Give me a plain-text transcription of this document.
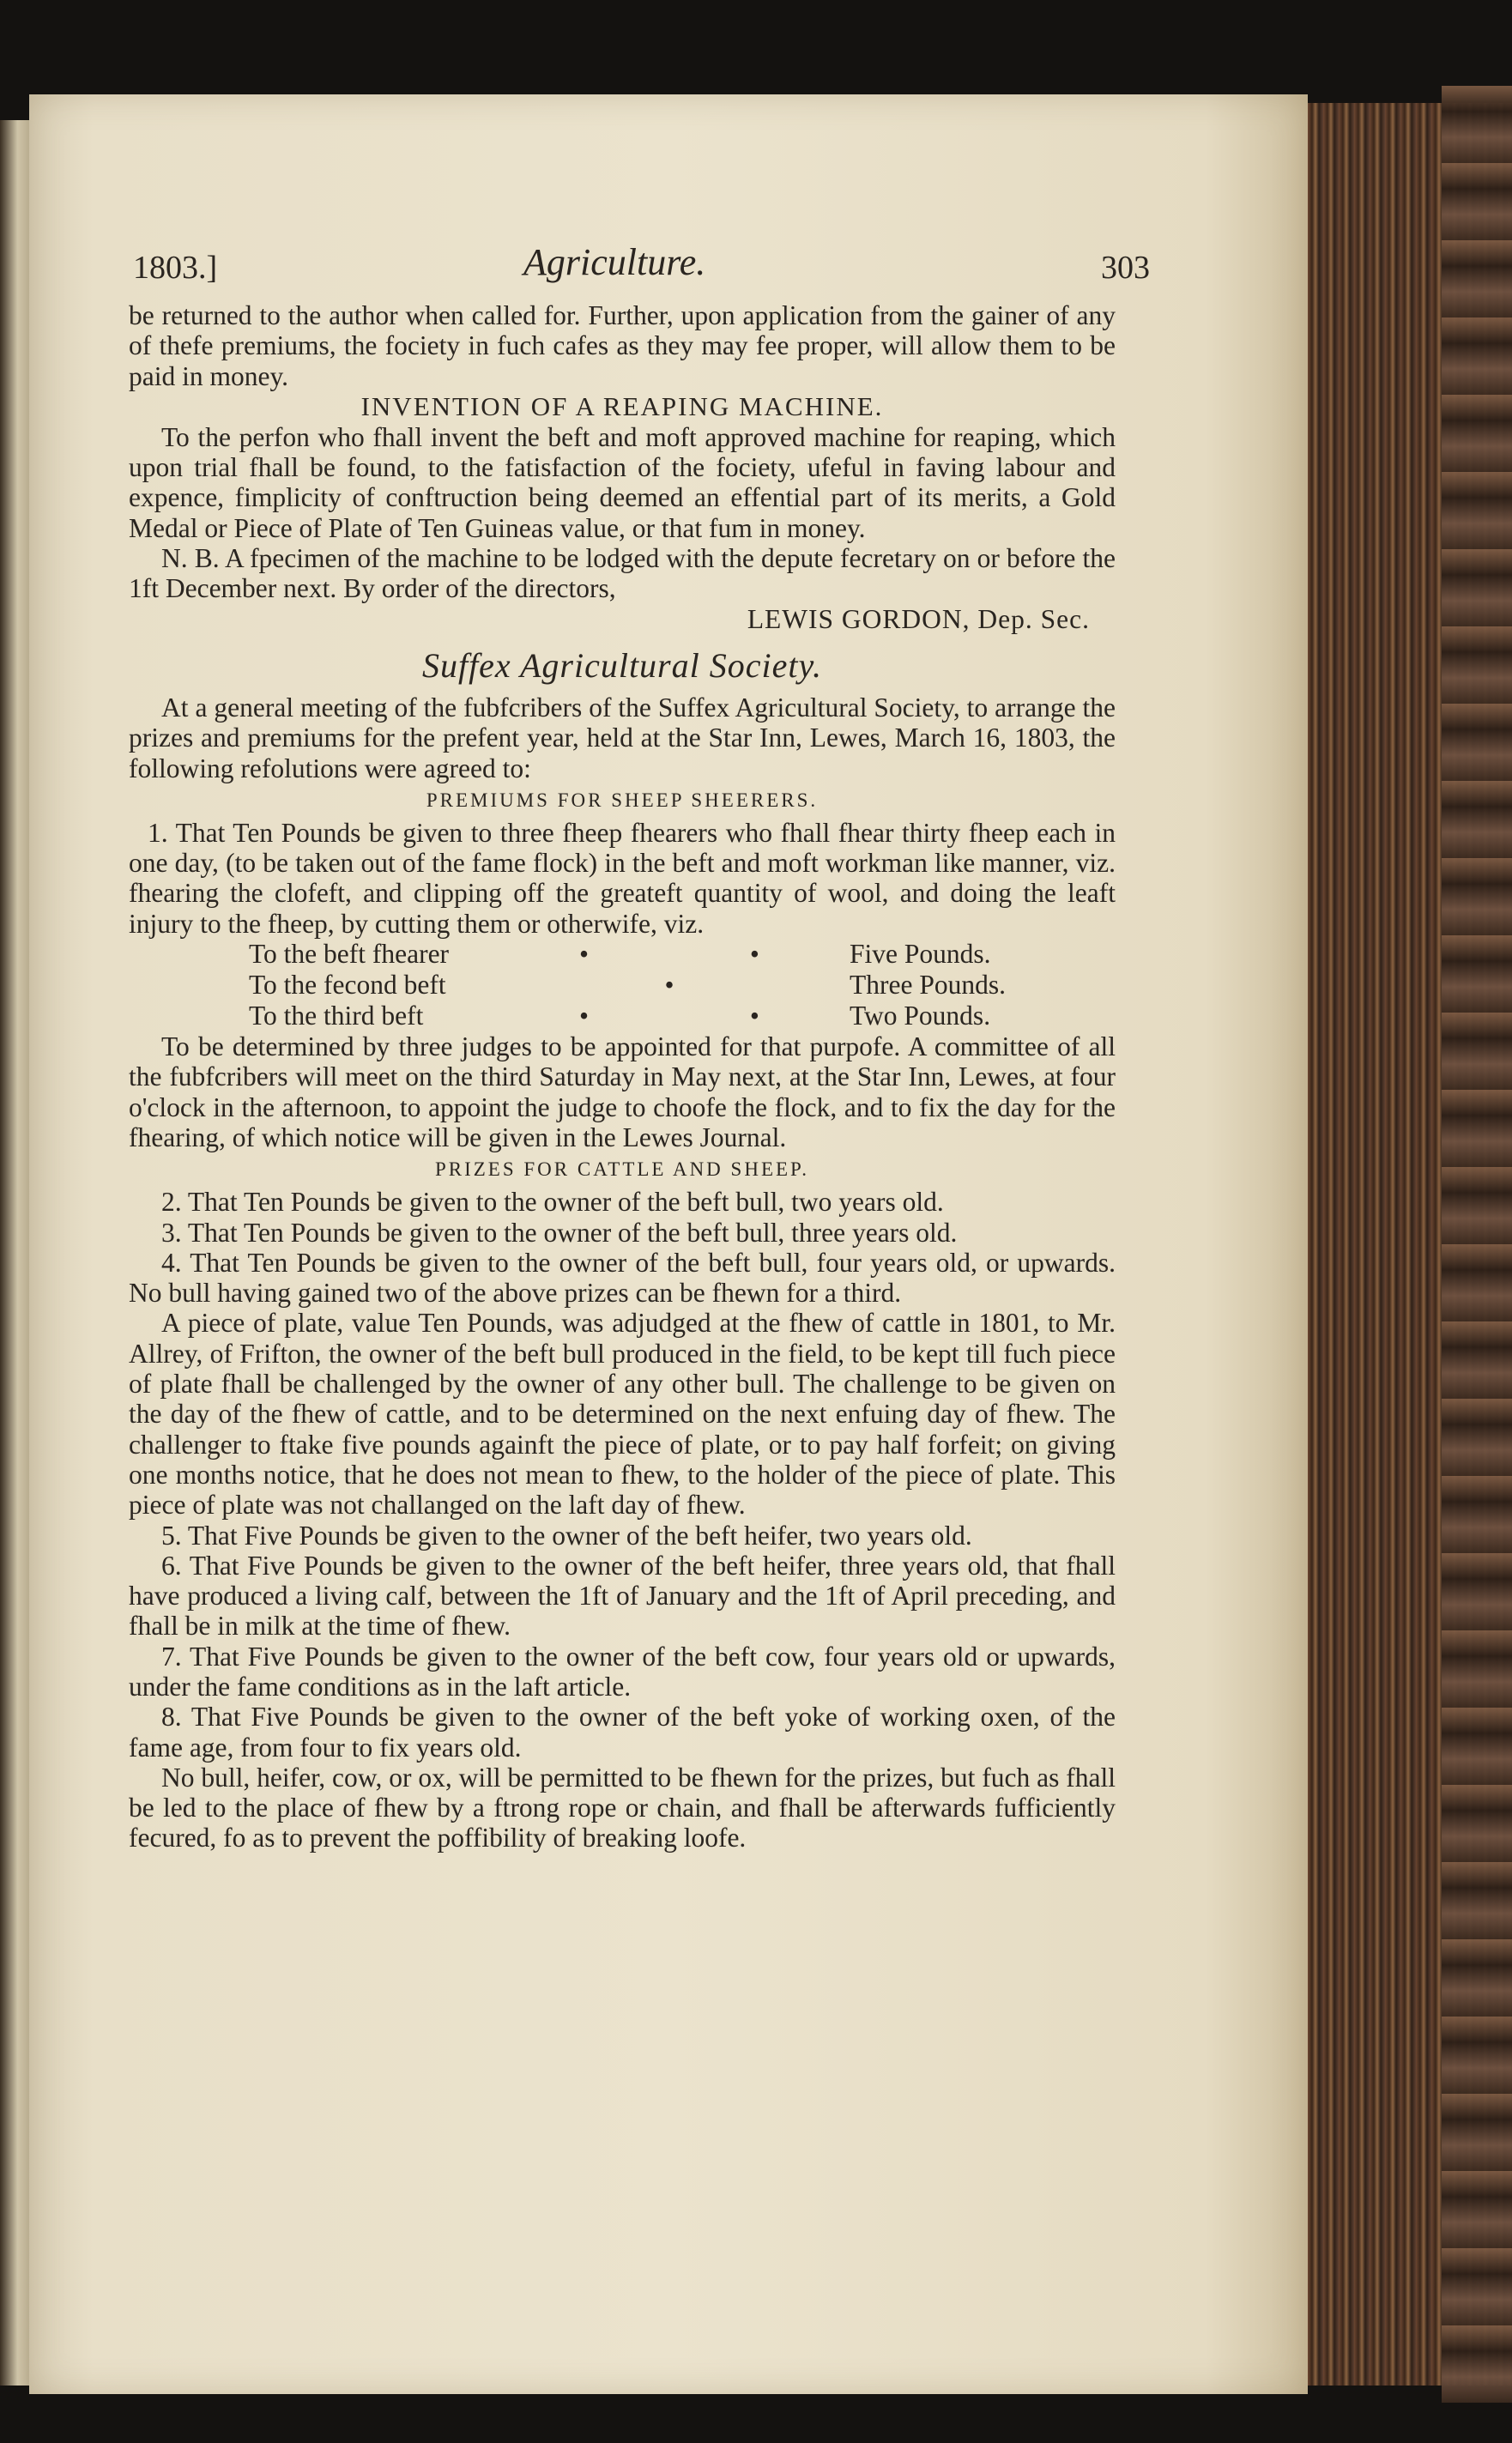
1803.]	Agriculture.	303

be returned to the author when called for. Further, upon application from the gainer of any of thefe premiums, the fociety in fuch cafes as they may fee proper, will allow them to be paid in money.

INVENTION OF A REAPING MACHINE.

To the perfon who fhall invent the beft and moft approved machine for reaping, which upon trial fhall be found, to the fatisfaction of the fociety, ufeful in faving labour and expence, fimplicity of conftruction being deemed an effential part of its merits, a Gold Medal or Piece of Plate of Ten Guineas value, or that fum in money.

N. B. A fpecimen of the machine to be lodged with the depute fecretary on or before the 1ft December next. By order of the directors,

LEWIS GORDON, Dep. Sec.

Suffex Agricultural Society.

At a general meeting of the fubfcribers of the Suffex Agricultural Society, to arrange the prizes and premiums for the prefent year, held at the Star Inn, Lewes, March 16, 1803, the following refolutions were agreed to:

PREMIUMS FOR SHEEP SHEERERS.

1. That Ten Pounds be given to three fheep fhearers who fhall fhear thirty fheep each in one day, (to be taken out of the fame flock) in the beft and moft workman like manner, viz. fhearing the clofeft, and clipping off the greateft quantity of wool, and doing the leaft injury to the fheep, by cutting them or otherwife, viz.

To the beft fhearer	• • Five Pounds.
To the fecond beft	•	Three Pounds.
To the third beft	• • Two Pounds.

To be determined by three judges to be appointed for that purpofe. A committee of all the fubfcribers will meet on the third Saturday in May next, at the Star Inn, Lewes, at four o'clock in the afternoon, to appoint the judge to choofe the flock, and to fix the day for the fhearing, of which notice will be given in the Lewes Journal.

PRIZES FOR CATTLE AND SHEEP.

2. That Ten Pounds be given to the owner of the beft bull, two years old.

3. That Ten Pounds be given to the owner of the beft bull, three years old.

4. That Ten Pounds be given to the owner of the beft bull, four years old, or upwards. No bull having gained two of the above prizes can be fhewn for a third.

A piece of plate, value Ten Pounds, was adjudged at the fhew of cattle in 1801, to Mr. Allrey, of Frifton, the owner of the beft bull produced in the field, to be kept till fuch piece of plate fhall be challenged by the owner of any other bull. The challenge to be given on the day of the fhew of cattle, and to be determined on the next enfuing day of fhew. The challenger to ftake five pounds againft the piece of plate, or to pay half forfeit; on giving one months notice, that he does not mean to fhew, to the holder of the piece of plate. This piece of plate was not challanged on the laft day of fhew.

5. That Five Pounds be given to the owner of the beft heifer, two years old.

6. That Five Pounds be given to the owner of the beft heifer, three years old, that fhall have produced a living calf, between the 1ft of January and the 1ft of April preceding, and fhall be in milk at the time of fhew.

7. That Five Pounds be given to the owner of the beft cow, four years old or upwards, under the fame conditions as in the laft article.

8. That Five Pounds be given to the owner of the beft yoke of working oxen, of the fame age, from four to fix years old.

No bull, heifer, cow, or ox, will be permitted to be fhewn for the prizes, but fuch as fhall be led to the place of fhew by a ftrong rope or chain, and fhall be afterwards fufficiently fecured, fo as to prevent the poffibility of breaking loofe.
